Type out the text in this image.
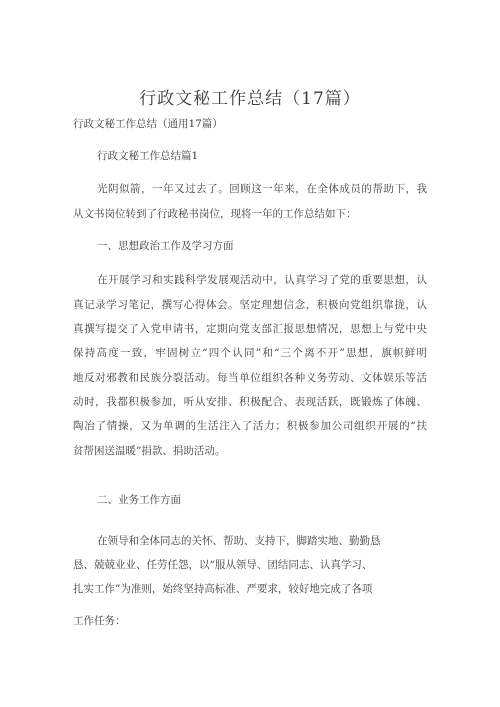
行政文秘工作总结（17篇）

行政文秘工作总结（通用17篇）

行政文秘工作总结篇1

光阴似箭，一年又过去了。回顾这一年来，在全体成员的帮助下，我

从文书岗位转到了行政秘书岗位，现将一年的工作总结如下：

一、思想政治工作及学习方面

在开展学习和实践科学发展观活动中，认真学习了党的重要思想，认

真记录学习笔记，撰写心得体会。坚定理想信念，积极向党组织靠拢，认

真撰写提交了入党申请书，定期向党支部汇报思想情况，思想上与党中央

保持高度一致，牢固树立“四个认同”和“三个离不开”思想，旗帜鲜明

地反对邪教和民族分裂活动。每当单位组织各种义务劳动、文体娱乐等活

动时，我都积极参加，听从安排、积极配合、表现活跃，既锻炼了体魄、

陶冶了情操，又为单调的生活注入了活力；积极参加公司组织开展的“扶

贫帮困送温暖”捐款、捐助活动。

二、业务工作方面

在领导和全体同志的关怀、帮助、支持下，脚踏实地、勤勤恳

恳、兢兢业业、任劳任怨，以“服从领导、团结同志、认真学习、

扎实工作”为准则，始终坚持高标准、严要求，较好地完成了各项

工作任务：
